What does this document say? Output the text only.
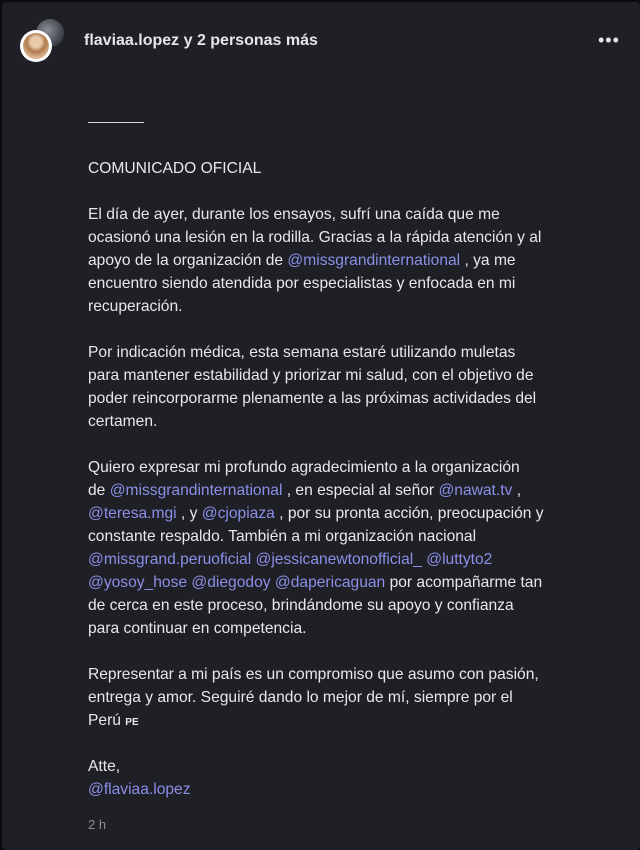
flaviaa.lopez y 2 personas más	•••
COMUNICADO OFICIAL
El día de ayer, durante los ensayos, sufrí una caída que me
ocasionó una lesión en la rodilla. Gracias a la rápida atención y al
apoyo de la organización de @missgrandinternational , ya me
encuentro siendo atendida por especialistas y enfocada en mi
recuperación.
Por indicación médica, esta semana estaré utilizando muletas
para mantener estabilidad y priorizar mi salud, con el objetivo de
poder reincorporarme plenamente a las próximas actividades del
certamen.
Quiero expresar mi profundo agradecimiento a la organización
de @missgrandinternational , en especial al señor @nawat.tv ,
@teresa.mgi , y @cjopiaza , por su pronta acción, preocupación y
constante respaldo. También a mi organización nacional
@missgrand.peruoficial @jessicanewtonofficial_ @luttyto2
@yosoy_hose @diegodoy @dapericaguan por acompañarme tan
de cerca en este proceso, brindándome su apoyo y confianza
para continuar en competencia.
Representar a mi país es un compromiso que asumo con pasión,
entrega y amor. Seguiré dando lo mejor de mí, siempre por el
Perú PE
Atte,
@flaviaa.lopez
2 h
